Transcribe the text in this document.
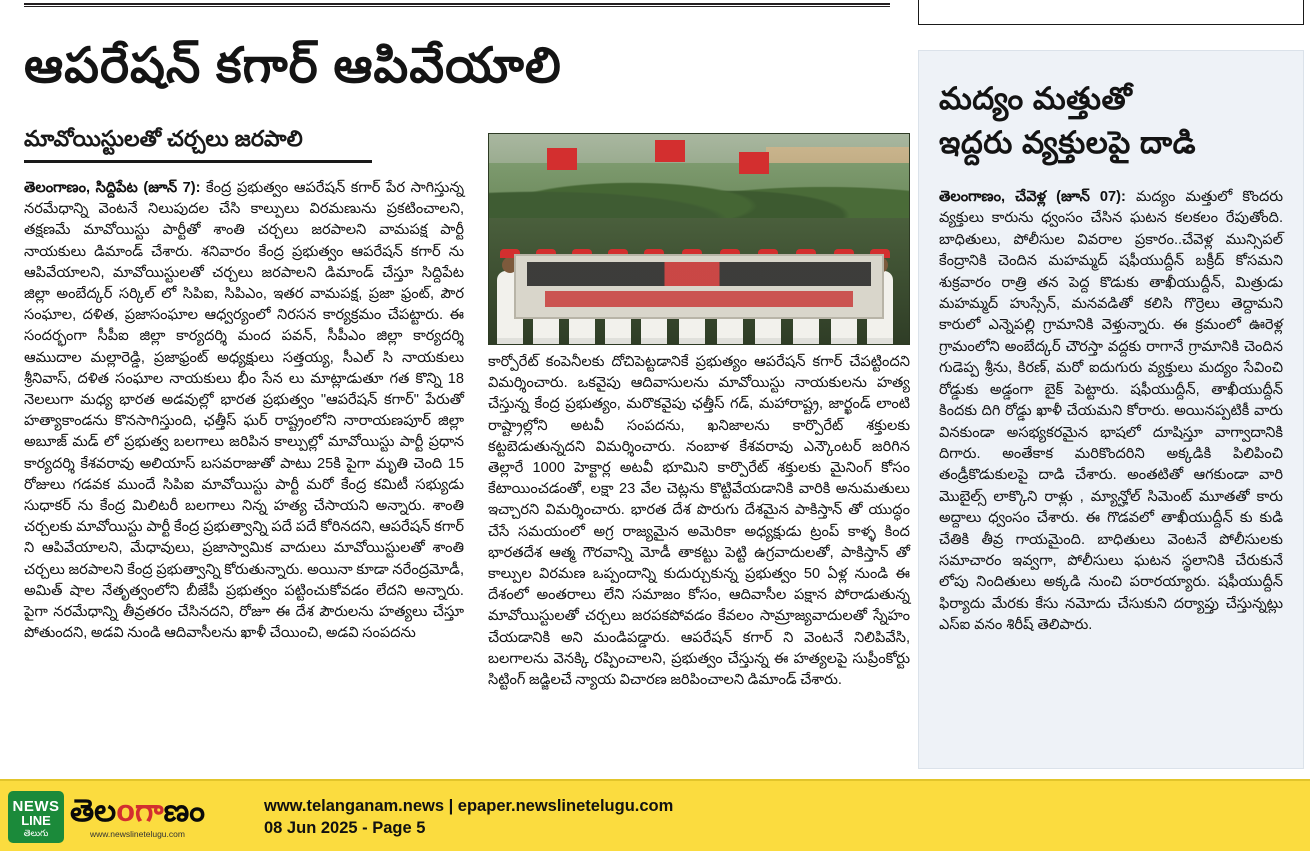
ఆపరేషన్ కగార్ ఆపివేయాలి
మావోయిస్టులతో చర్చలు జరపాలి
తెలంగాణం, సిద్దిపేట (జూన్ 7): కేంద్ర ప్రభుత్వం ఆపరేషన్ కగార్ పేర సాగిస్తున్న నరమేధాన్ని వెంటనే నిలుపుదల చేసి కాల్పులు విరమణును ప్రకటించాలని, తక్షణమే మావోయిస్టు పార్టీతో శాంతి చర్చలు జరపాలని వామపక్ష పార్టీ నాయకులు డిమాండ్ చేశారు. శనివారం కేంద్ర ప్రభుత్వం ఆపరేషన్ కగార్ ను ఆపివేయాలని, మావోయిస్టులతో చర్చలు జరపాలని డిమాండ్ చేస్తూ సిద్దిపేట జిల్లా అంబేద్కర్ సర్కిల్ లో సిపిఐ, సిపిఎం, ఇతర వామపక్ష, ప్రజా ఫ్రంట్, పౌర సంఘాల, దళిత, ప్రజాసంఘాల ఆధ్వర్యంలో నిరసన కార్యక్రమం చేపట్టారు. ఈ సందర్భంగా సీపీఐ జిల్లా కార్యదర్శి మంద పవన్, సీపీఎం జిల్లా కార్యదర్శి ఆముదాల మల్లారెడ్డి, ప్రజాఫ్రంట్ అధ్యక్షులు సత్తయ్య, సీఎల్ సి నాయకులు శ్రీనివాస్, దళిత సంఘాల నాయకులు భీం సేన లు మాట్లాడుతూ గత కొన్ని 18 నెలలుగా మధ్య భారత అడవుల్లో భారత ప్రభుత్వం "ఆపరేషన్ కగార్" పేరుతో హత్యాకాండను కొనసాగిస్తుంది, ఛత్తీస్ ఘర్ రాష్ట్రంలోని నారాయణపూర్ జిల్లా అబూజ్ మడ్ లో ప్రభుత్వ బలగాలు జరిపిన కాల్పుల్లో మావోయిస్టు పార్టీ ప్రధాన కార్యదర్శి కేశవరావు అలియాస్ బసవరాజుతో పాటు 25కి పైగా మృతి చెంది 15 రోజులు గడవక ముందే సిపిఐ మావోయిస్టు పార్టీ మరో కేంద్ర కమిటీ సభ్యుడు సుధాకర్ ను కేంద్ర మిలిటరీ బలగాలు నిన్న హత్య చేసాయని అన్నారు. శాంతి చర్చలకు మావోయిస్టు పార్టీ కేంద్ర ప్రభుత్వాన్ని పదే పదే కోరినదని, ఆపరేషన్ కగార్ ని ఆపివేయాలని, మేధావులు, ప్రజాస్వామిక వాదులు మావోయిస్టులతో శాంతి చర్చలు జరపాలని కేంద్ర ప్రభుత్వాన్ని కోరుతున్నారు. అయినా కూడా నరేంద్రమోడీ, అమిత్ షాల నేతృత్వంలోని బీజేపీ ప్రభుత్వం పట్టించుకోవడం లేదని అన్నారు. పైగా నరమేధాన్ని తీవ్రతరం చేసినదని, రోజూ ఈ దేశ పౌరులను హత్యలు చేస్తూ పోతుందని, అడవి నుండి ఆదివాసీలను ఖాళీ చేయించి, అడవి సంపదను
కార్పోరేట్ కంపెనీలకు దోచిపెట్టడానికే ప్రభుత్యం ఆపరేషన్ కగార్ చేపట్టిందని విమర్శించారు. ఒకవైపు ఆదివాసులను మావోయిస్టు నాయకులను హత్య చేస్తున్న కేంద్ర ప్రభుత్యం, మరొకవైపు ఛత్తీస్ గడ్, మహారాష్ట్ర, జార్ఖండ్ లాంటి రాష్ట్రాల్లోని అటవీ సంపదను, ఖనిజాలను కార్పొరేట్ శక్తులకు కట్టబెడుతున్నదని విమర్శించారు. నంబాళ కేశవరావు ఎన్కౌంటర్ జరిగిన తెల్లారే 1000 హెక్టార్ల అటవీ భూమిని కార్పొరేట్ శక్తులకు మైనింగ్ కోసం కేటాయించడంతో, లక్షా 23 వేల చెట్లను కొట్టివేయడానికి వారికి అనుమతులు ఇచ్చారని విమర్శించారు. భారత దేశ పొరుగు దేశమైన పాకిస్తాన్ తో యుద్ధం చేసే సమయంలో అగ్ర రాజ్యమైన అమెరికా అధ్యక్షుడు ట్రంప్ కాళ్ళ కింద భారతదేశ ఆత్మ గౌరవాన్ని మోడీ తాకట్టు పెట్టి ఉగ్రవాదులతో, పాకిస్తాన్ తో కాల్పుల విరమణ ఒప్పందాన్ని కుదుర్చుకున్న ప్రభుత్వం 50 ఏళ్ల నుండి ఈ దేశంలో అంతరాలు లేని సమాజం కోసం, ఆదివాసీల పక్షాన పోరాడుతున్న మావోయిస్టులతో చర్చలు జరపకపోవడం కేవలం సామ్రాజ్యవాదులతో స్నేహం చేయడానికి అని మండిపడ్డారు. ఆపరేషన్ కగార్ ని వెంటనే నిలిపివేసి, బలగాలను వెనక్కి రప్పించాలని, ప్రభుత్వం చేస్తున్న ఈ హత్యలపై సుప్రీంకోర్టు సిట్టింగ్ జడ్జిలచే న్యాయ విచారణ జరిపించాలని డిమాండ్ చేశారు.
మద్యం మత్తుతో
ఇద్దరు వ్యక్తులపై దాడి
తెలంగాణం, చేవెళ్ల (జూన్ 07): మద్యం మత్తులో కొందరు వ్యక్తులు కారును ధ్వంసం చేసిన ఘటన కలకలం రేపుతోంది. బాధితులు, పోలీసుల వివరాల ప్రకారం..చేవెళ్ల మున్సిపల్ కేంద్రానికి చెందిన మహమ్మద్ షఫీయుద్దీన్ బక్రీద్ కోసమని శుక్రవారం రాత్రి తన పెద్ద కొడుకు తాఖీయుద్దీన్, మిత్రుడు మహమ్మద్ హుస్సేన్, మనవడితో కలిసి గొర్రెలు తెద్దామని కారులో ఎన్నెపల్లి గ్రామానికి వెళ్తున్నారు. ఈ క్రమంలో ఊరెళ్ల గ్రామంలోని అంబేద్కర్ చౌరస్తా వద్దకు రాగానే గ్రామానికి చెందిన గుడెప్ప శ్రీను, కిరణ్, మరో ఐదుగురు వ్యక్తులు మద్యం సేవించి రోడ్డుకు అడ్డంగా బైక్ పెట్టారు. షఫీయుద్దీన్, తాఖీయుద్దీన్ కిందకు దిగి రోడ్డు ఖాళీ చేయమని కోరారు. అయినప్పటికీ వారు వినకుండా అసభ్యకరమైన భాషలో దూషిస్తూ వాగ్వాదానికి దిగారు. అంతేకాక మరికొందరిని అక్కడికి పిలిపించి తండ్రీకొడుకులపై దాడి చేశారు. అంతటితో ఆగకుండా వారి మొబైల్స్ లాక్కొని రాళ్లు , మ్యాన్హోల్ సిమెంట్ మూతతో కారు అద్దాలు ధ్వంసం చేశారు. ఈ గొడవలో తాఖీయుద్దీన్ కు కుడి చేతికి తీవ్ర గాయమైంది. బాధితులు వెంటనే పోలీసులకు సమాచారం ఇవ్వగా, పోలీసులు ఘటన స్థలానికి చేరుకునే లోపు నిందితులు అక్కడి నుంచి పరారయ్యారు. షఫీయుద్దీన్ ఫిర్యాదు మేరకు కేసు నమోదు చేసుకుని దర్యాప్తు చేస్తున్నట్లు ఎస్ఐ వనం శిరీష్ తెలిపారు.
NEWS
LINE
తెలుగు
తెలoగాణం
www.newslinetelugu.com
www.telanganam.news | epaper.newslinetelugu.com
08 Jun 2025 - Page 5
